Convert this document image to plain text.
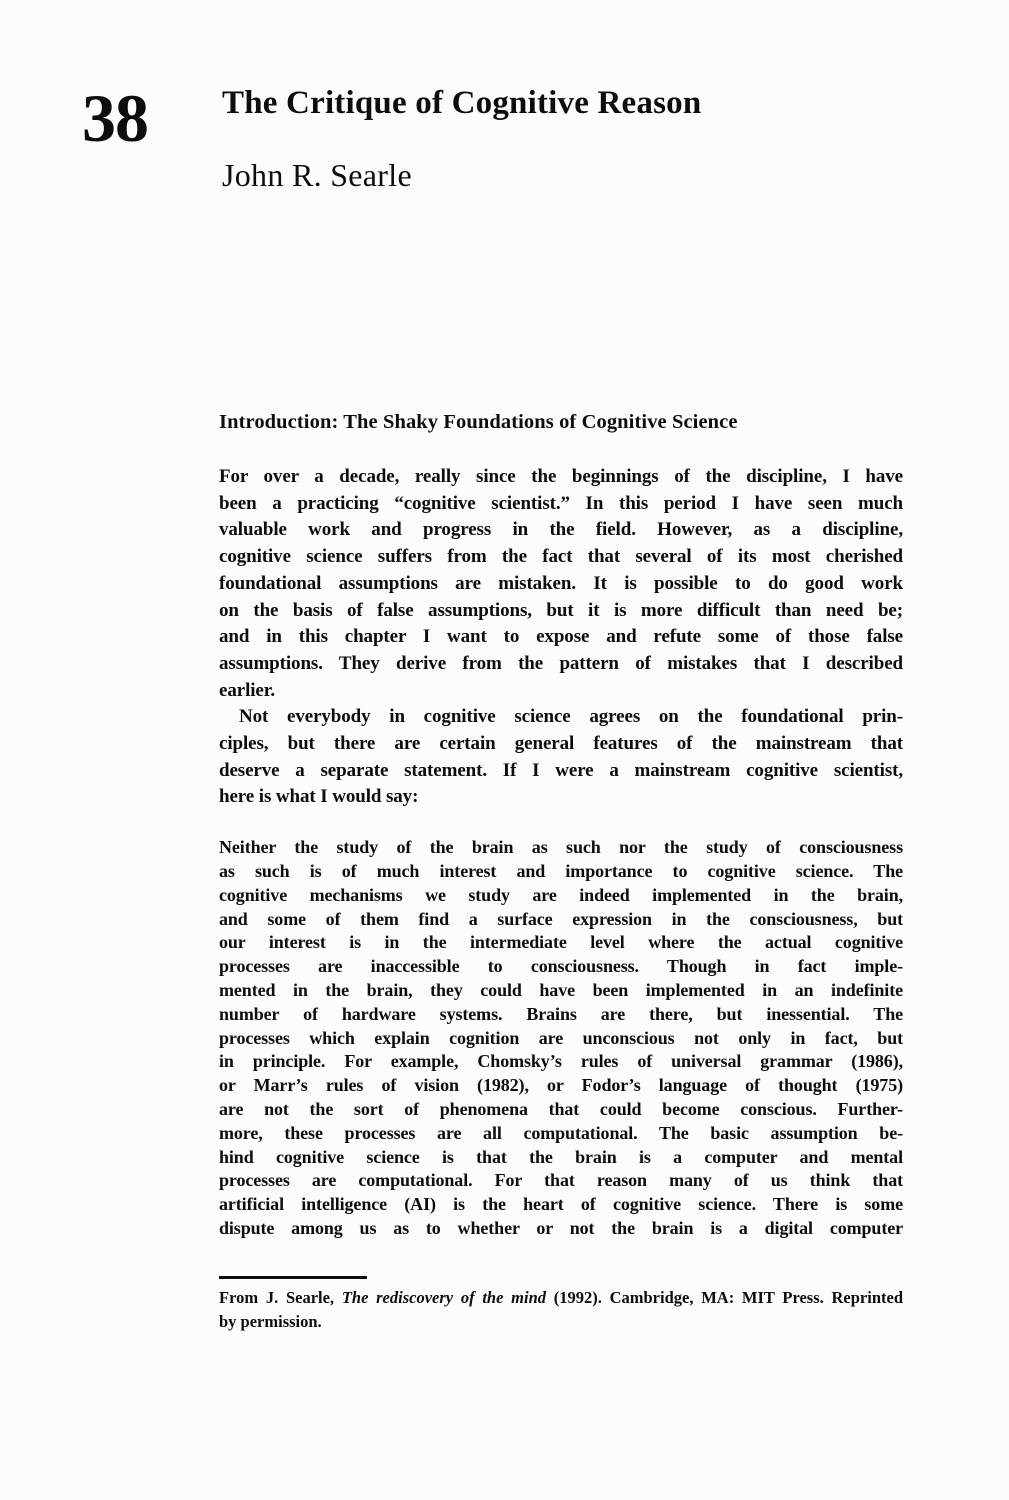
38 The Critique of Cognitive Reason
John R. Searle
Introduction: The Shaky Foundations of Cognitive Science
For over a decade, really since the beginnings of the discipline, I have
been a practicing “cognitive scientist.” In this period I have seen much
valuable work and progress in the field. However, as a discipline,
cognitive science suffers from the fact that several of its most cherished
foundational assumptions are mistaken. It is possible to do good work
on the basis of false assumptions, but it is more difficult than need be;
and in this chapter I want to expose and refute some of those false
assumptions. They derive from the pattern of mistakes that I described
earlier.
Not everybody in cognitive science agrees on the foundational prin-
ciples, but there are certain general features of the mainstream that
deserve a separate statement. If I were a mainstream cognitive scientist,
here is what I would say:
Neither the study of the brain as such nor the study of consciousness
as such is of much interest and importance to cognitive science. The
cognitive mechanisms we study are indeed implemented in the brain,
and some of them find a surface expression in the consciousness, but
our interest is in the intermediate level where the actual cognitive
processes are inaccessible to consciousness. Though in fact imple-
mented in the brain, they could have been implemented in an indefinite
number of hardware systems. Brains are there, but inessential. The
processes which explain cognition are unconscious not only in fact, but
in principle. For example, Chomsky’s rules of universal grammar (1986),
or Marr’s rules of vision (1982), or Fodor’s language of thought (1975)
are not the sort of phenomena that could become conscious. Further-
more, these processes are all computational. The basic assumption be-
hind cognitive science is that the brain is a computer and mental
processes are computational. For that reason many of us think that
artificial intelligence (AI) is the heart of cognitive science. There is some
dispute among us as to whether or not the brain is a digital computer
From J. Searle, The rediscovery of the mind (1992). Cambridge, MA: MIT Press. Reprinted
by permission.
